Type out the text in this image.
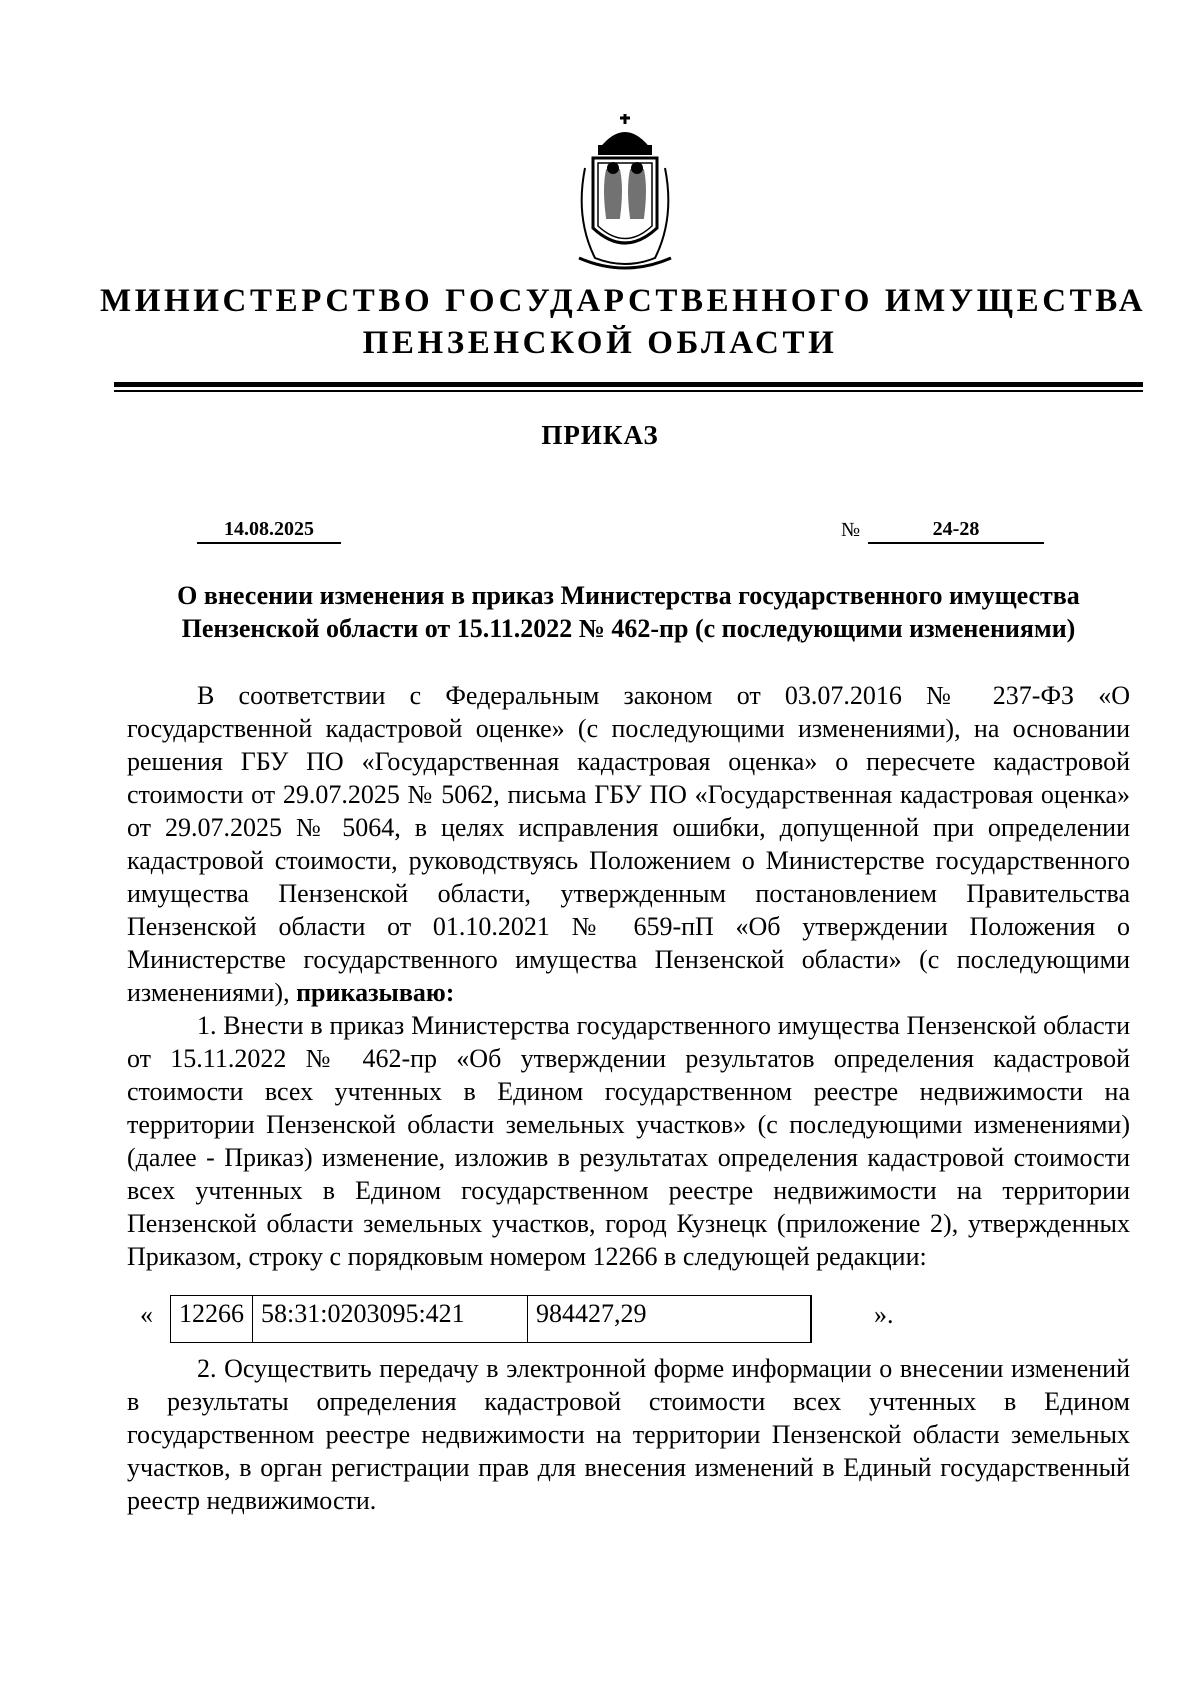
МИНИСТЕРСТВО ГОСУДАРСТВЕННОГО ИМУЩЕСТВА
ПЕНЗЕНСКОЙ ОБЛАСТИ
ПРИКАЗ
14.08.2025	№	24-28
О внесении изменения в приказ Министерства государственного имущества
Пензенской области от 15.11.2022 № 462-пр (с последующими изменениями)

В соответствии с Федеральным законом от 03.07.2016 № 237-ФЗ «О государственной кадастровой оценке» (с последующими изменениями), на основании решения ГБУ ПО «Государственная кадастровая оценка» о пересчете кадастровой стоимости от 29.07.2025 № 5062, письма ГБУ ПО «Государственная кадастровая оценка» от 29.07.2025 № 5064, в целях исправления ошибки, допущенной при определении кадастровой стоимости, руководствуясь Положением о Министерстве государственного имущества Пензенской области, утвержденным постановлением Правительства Пензенской области от 01.10.2021 № 659-пП «Об утверждении Положения о Министерстве государственного имущества Пензенской области» (с последующими изменениями), приказываю:

1. Внести в приказ Министерства государственного имущества Пензенской области от 15.11.2022 № 462-пр «Об утверждении результатов определения кадастровой стоимости всех учтенных в Едином государственном реестре недвижимости на территории Пензенской области земельных участков» (с последующими изменениями) (далее - Приказ) изменение, изложив в результатах определения кадастровой стоимости всех учтенных в Едином государственном реестре недвижимости на территории Пензенской области земельных участков, город Кузнецк (приложение 2), утвержденных Приказом, строку с порядковым номером 12266 в следующей редакции:

« 12266	58:31:0203095:421	984427,29		».

2. Осуществить передачу в электронной форме информации о внесении изменений в результаты определения кадастровой стоимости всех учтенных в Едином государственном реестре недвижимости на территории Пензенской области земельных участков, в орган регистрации прав для внесения изменений в Единый государственный реестр недвижимости.
